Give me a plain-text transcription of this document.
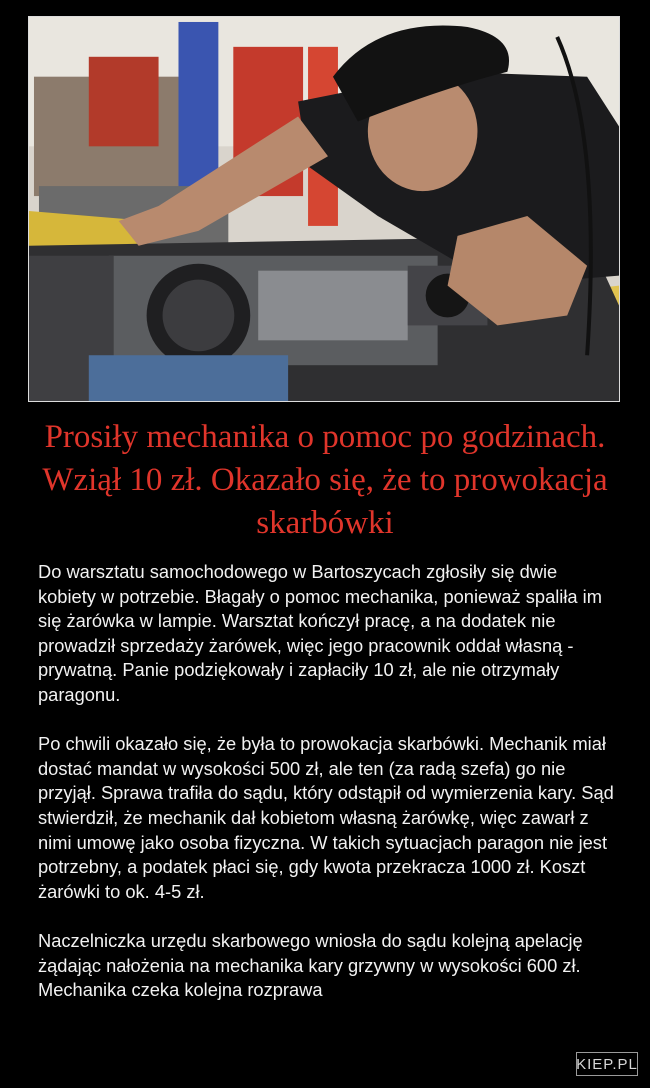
Prosiły mechanika o pomoc po godzinach. Wziął 10 zł. Okazało się, że to prowokacja skarbówki

Do warsztatu samochodowego w Bartoszycach zgłosiły się dwie kobiety w potrzebie. Błagały o pomoc mechanika, ponieważ spaliła im się żarówka w lampie. Warsztat kończył pracę, a na dodatek nie prowadził sprzedaży żarówek, więc jego pracownik oddał własną - prywatną. Panie podziękowały i zapłaciły 10 zł, ale nie otrzymały paragonu.

Po chwili okazało się, że była to prowokacja skarbówki. Mechanik miał dostać mandat w wysokości 500 zł, ale ten (za radą szefa) go nie przyjął. Sprawa trafiła do sądu, który odstąpił od wymierzenia kary. Sąd stwierdził, że mechanik dał kobietom własną żarówkę, więc zawarł z nimi umowę jako osoba fizyczna. W takich sytuacjach paragon nie jest potrzebny, a podatek płaci się, gdy kwota przekracza 1000 zł. Koszt żarówki to ok. 4-5 zł.

Naczelniczka urzędu skarbowego wniosła do sądu kolejną apelację żądając nałożenia na mechanika kary grzywny w wysokości 600 zł. Mechanika czeka kolejna rozprawa

KIEP.PL
